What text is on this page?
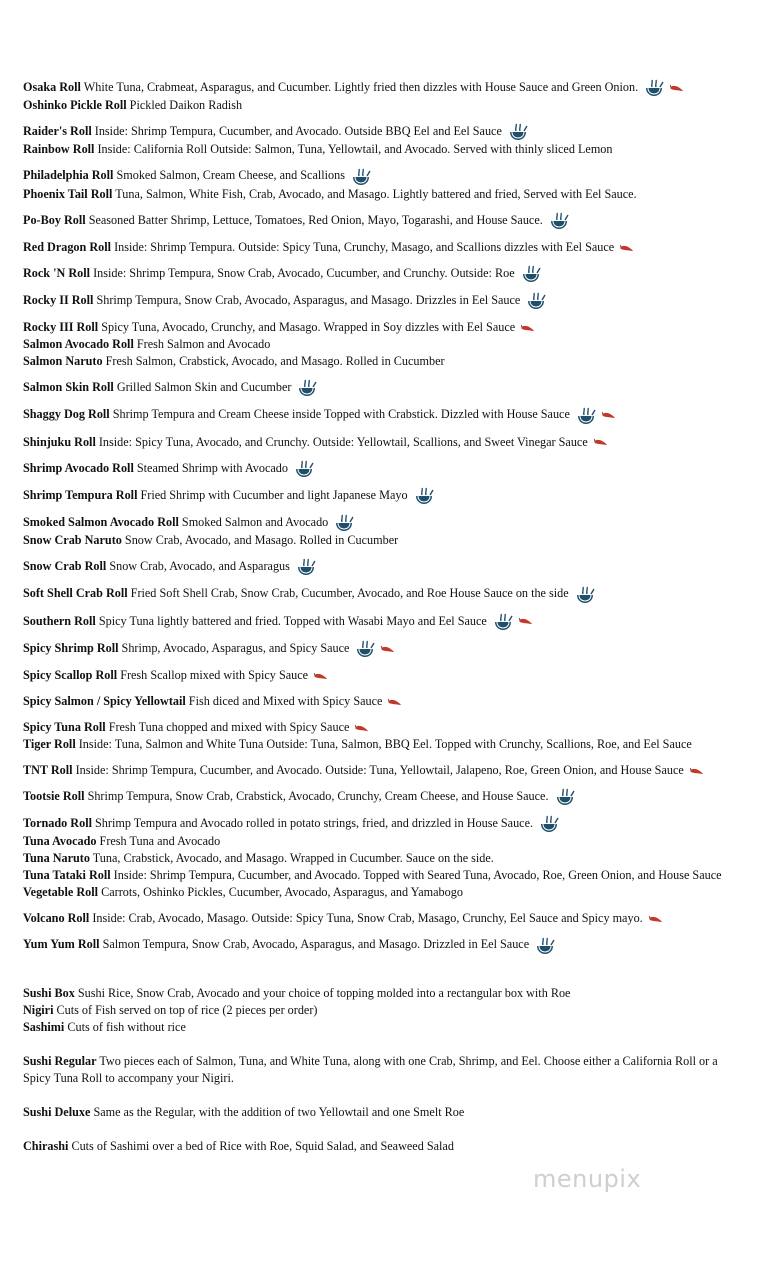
Osaka Roll White Tuna, Crabmeat, Asparagus, and Cucumber. Lightly fried then dizzles with House Sauce and Green Onion.
Oshinko Pickle Roll Pickled Daikon Radish
Raider's Roll Inside: Shrimp Tempura, Cucumber, and Avocado. Outside BBQ Eel and Eel Sauce
Rainbow Roll Inside: California Roll Outside: Salmon, Tuna, Yellowtail, and Avocado. Served with thinly sliced Lemon
Philadelphia Roll Smoked Salmon, Cream Cheese, and Scallions
Phoenix Tail Roll Tuna, Salmon, White Fish, Crab, Avocado, and Masago. Lightly battered and fried, Served with Eel Sauce.
Po-Boy Roll Seasoned Batter Shrimp, Lettuce, Tomatoes, Red Onion, Mayo, Togarashi, and House Sauce.
Red Dragon Roll Inside: Shrimp Tempura. Outside: Spicy Tuna, Crunchy, Masago, and Scallions dizzles with Eel Sauce
Rock 'N Roll Inside: Shrimp Tempura, Snow Crab, Avocado, Cucumber, and Crunchy. Outside: Roe
Rocky II Roll Shrimp Tempura, Snow Crab, Avocado, Asparagus, and Masago. Drizzles in Eel Sauce
Rocky III Roll Spicy Tuna, Avocado, Crunchy, and Masago. Wrapped in Soy dizzles with Eel Sauce
Salmon Avocado Roll Fresh Salmon and Avocado
Salmon Naruto Fresh Salmon, Crabstick, Avocado, and Masago. Rolled in Cucumber
Salmon Skin Roll Grilled Salmon Skin and Cucumber
Shaggy Dog Roll Shrimp Tempura and Cream Cheese inside Topped with Crabstick. Dizzled with House Sauce
Shinjuku Roll Inside: Spicy Tuna, Avocado, and Crunchy. Outside: Yellowtail, Scallions, and Sweet Vinegar Sauce
Shrimp Avocado Roll Steamed Shrimp with Avocado
Shrimp Tempura Roll Fried Shrimp with Cucumber and light Japanese Mayo
Smoked Salmon Avocado Roll Smoked Salmon and Avocado
Snow Crab Naruto Snow Crab, Avocado, and Masago. Rolled in Cucumber
Snow Crab Roll Snow Crab, Avocado, and Asparagus
Soft Shell Crab Roll Fried Soft Shell Crab, Snow Crab, Cucumber, Avocado, and Roe House Sauce on the side
Southern Roll Spicy Tuna lightly battered and fried. Topped with Wasabi Mayo and Eel Sauce
Spicy Shrimp Roll Shrimp, Avocado, Asparagus, and Spicy Sauce
Spicy Scallop Roll Fresh Scallop mixed with Spicy Sauce
Spicy Salmon / Spicy Yellowtail Fish diced and Mixed with Spicy Sauce
Spicy Tuna Roll Fresh Tuna chopped and mixed with Spicy Sauce
Tiger Roll Inside: Tuna, Salmon and White Tuna Outside: Tuna, Salmon, BBQ Eel. Topped with Crunchy, Scallions, Roe, and Eel Sauce
TNT Roll Inside: Shrimp Tempura, Cucumber, and Avocado. Outside: Tuna, Yellowtail, Jalapeno, Roe, Green Onion, and House Sauce
Tootsie Roll Shrimp Tempura, Snow Crab, Crabstick, Avocado, Crunchy, Cream Cheese, and House Sauce.
Tornado Roll Shrimp Tempura and Avocado rolled in potato strings, fried, and drizzled in House Sauce.
Tuna Avocado Fresh Tuna and Avocado
Tuna Naruto Tuna, Crabstick, Avocado, and Masago. Wrapped in Cucumber. Sauce on the side.
Tuna Tataki Roll Inside: Shrimp Tempura, Cucumber, and Avocado. Topped with Seared Tuna, Avocado, Roe, Green Onion, and House Sauce
Vegetable Roll Carrots, Oshinko Pickles, Cucumber, Avocado, Asparagus, and Yamabogo
Volcano Roll Inside: Crab, Avocado, Masago. Outside: Spicy Tuna, Snow Crab, Masago, Crunchy, Eel Sauce and Spicy mayo.
Yum Yum Roll Salmon Tempura, Snow Crab, Avocado, Asparagus, and Masago. Drizzled in Eel Sauce
Sushi Box Sushi Rice, Snow Crab, Avocado and your choice of topping molded into a rectangular box with Roe
Nigiri Cuts of Fish served on top of rice (2 pieces per order)
Sashimi Cuts of fish without rice
Sushi Regular Two pieces each of Salmon, Tuna, and White Tuna, along with one Crab, Shrimp, and Eel. Choose either a California Roll or a Spicy Tuna Roll to accompany your Nigiri.
Sushi Deluxe Same as the Regular, with the addition of two Yellowtail and one Smelt Roe
Chirashi Cuts of Sashimi over a bed of Rice with Roe, Squid Salad, and Seaweed Salad
menupix
